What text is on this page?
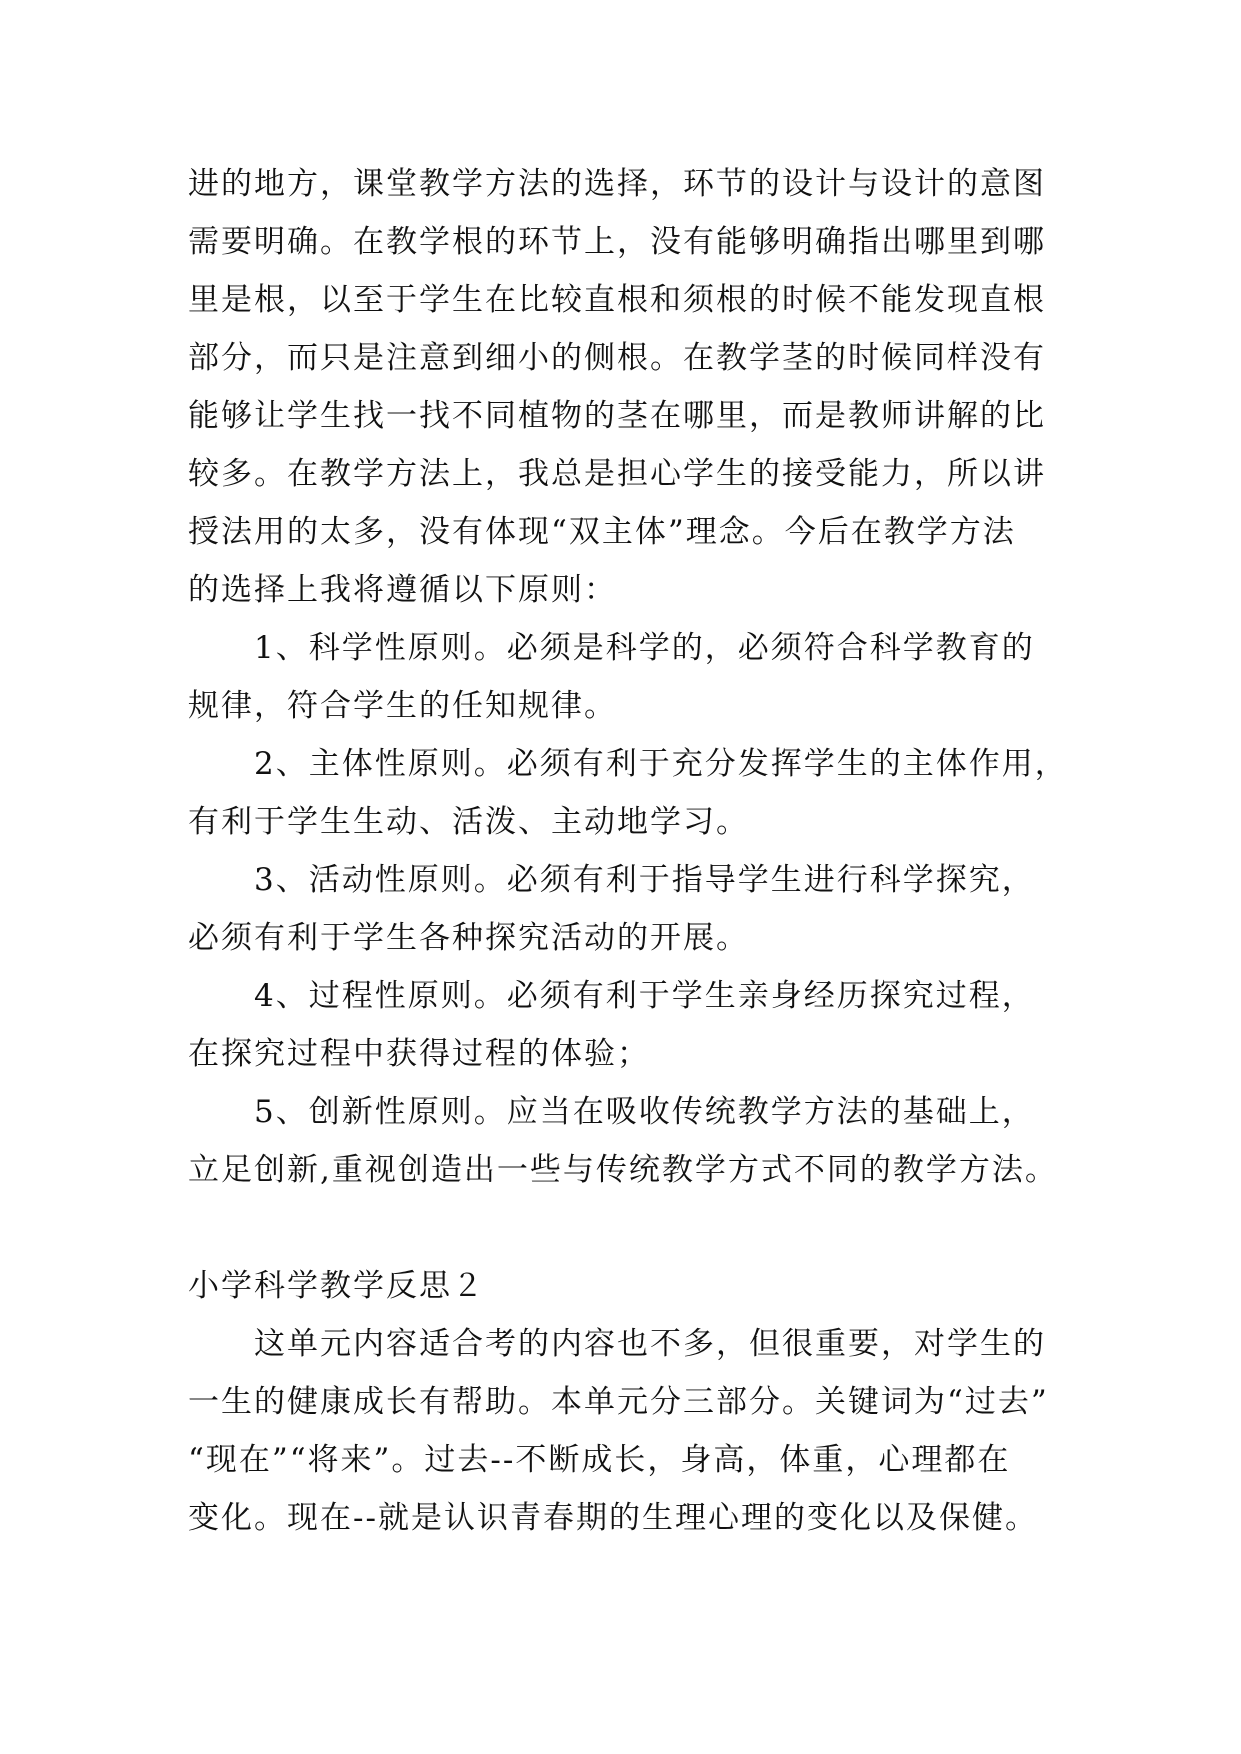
进的地方，课堂教学方法的选择，环节的设计与设计的意图
需要明确。在教学根的环节上，没有能够明确指出哪里到哪
里是根，以至于学生在比较直根和须根的时候不能发现直根
部分，而只是注意到细小的侧根。在教学茎的时候同样没有
能够让学生找一找不同植物的茎在哪里，而是教师讲解的比
较多。在教学方法上，我总是担心学生的接受能力，所以讲
授法用的太多，没有体现“双主体”理念。今后在教学方法
的选择上我将遵循以下原则：
1、科学性原则。必须是科学的，必须符合科学教育的
规律，符合学生的任知规律。
2、主体性原则。必须有利于充分发挥学生的主体作用，
有利于学生生动、活泼、主动地学习。
3、活动性原则。必须有利于指导学生进行科学探究，
必须有利于学生各种探究活动的开展。
4、过程性原则。必须有利于学生亲身经历探究过程，
在探究过程中获得过程的体验；
5、创新性原则。应当在吸收传统教学方法的基础上，
立足创新,重视创造出一些与传统教学方式不同的教学方法。
小学科学教学反思２
这单元内容适合考的内容也不多，但很重要，对学生的
一生的健康成长有帮助。本单元分三部分。关键词为“过去”
“现在”“将来”。过去--不断成长，身高，体重，心理都在
变化。现在--就是认识青春期的生理心理的变化以及保健。
